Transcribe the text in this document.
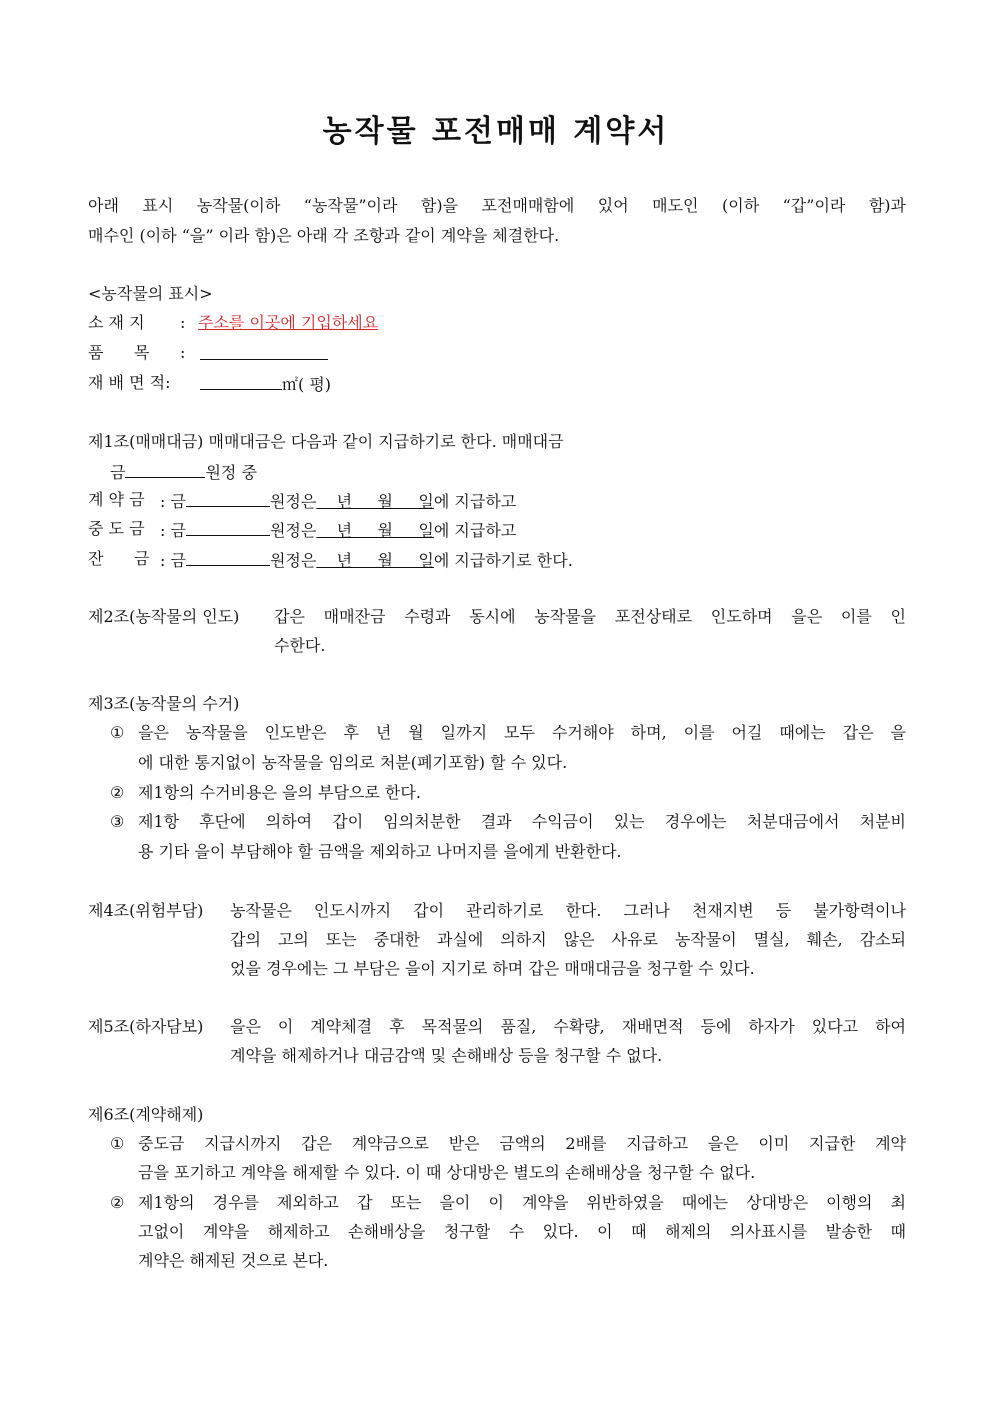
농작물 포전매매 계약서
아래 표시 농작물(이하 “농작물”이라 함)을 포전매매함에 있어 매도인 (이하 “갑”이라 함)과
매수인 (이하 “을” 이라 함)은 아래 각 조항과 같이 계약을 체결한다.
<농작물의 표시>
소 재 지 : 주소를 이곳에 기입하세요
품      목 :
재 배 면 적:	㎡( 평)
제1조(매매대금) 매매대금은 다음과 같이 지급하기로 한다. 매매대금
금	원정 중
계 약 금 : 금	원정은    년     월     일에 지급하고
중 도 금 : 금	원정은    년     월     일에 지급하고
잔      금 : 금	원정은    년     월     일에 지급하기로 한다.
제2조(농작물의 인도) 갑은 매매잔금 수령과 동시에 농작물을 포전상태로 인도하며 을은 이를 인
수한다.
제3조(농작물의 수거)
① 을은 농작물을 인도받은 후 년 월 일까지 모두 수거해야 하며, 이를 어길 때에는 갑은 을
에 대한 통지없이 농작물을 임의로 처분(폐기포함) 할 수 있다.
② 제1항의 수거비용은 을의 부담으로 한다.
③ 제1항 후단에 의하여 갑이 임의처분한 결과 수익금이 있는 경우에는 처분대금에서 처분비
용 기타 을이 부담해야 할 금액을 제외하고 나머지를 을에게 반환한다.
제4조(위험부담) 농작물은 인도시까지 갑이 관리하기로 한다. 그러나 천재지변 등 불가항력이나
갑의 고의 또는 중대한 과실에 의하지 않은 사유로 농작물이 멸실, 훼손, 감소되
었을 경우에는 그 부담은 을이 지기로 하며 갑은 매매대금을 청구할 수 있다.
제5조(하자담보) 을은 이 계약체결 후 목적물의 품질, 수확량, 재배면적 등에 하자가 있다고 하여
계약을 해제하거나 대금감액 및 손해배상 등을 청구할 수 없다.
제6조(계약해제)
① 중도금 지급시까지 갑은 계약금으로 받은 금액의 2배를 지급하고 을은 이미 지급한 계약
금을 포기하고 계약을 해제할 수 있다. 이 때 상대방은 별도의 손해배상을 청구할 수 없다.
② 제1항의 경우를 제외하고 갑 또는 을이 이 계약을 위반하였을 때에는 상대방은 이행의 최
고없이 계약을 해제하고 손해배상을 청구할 수 있다. 이 때 해제의 의사표시를 발송한 때
계약은 해제된 것으로 본다.
